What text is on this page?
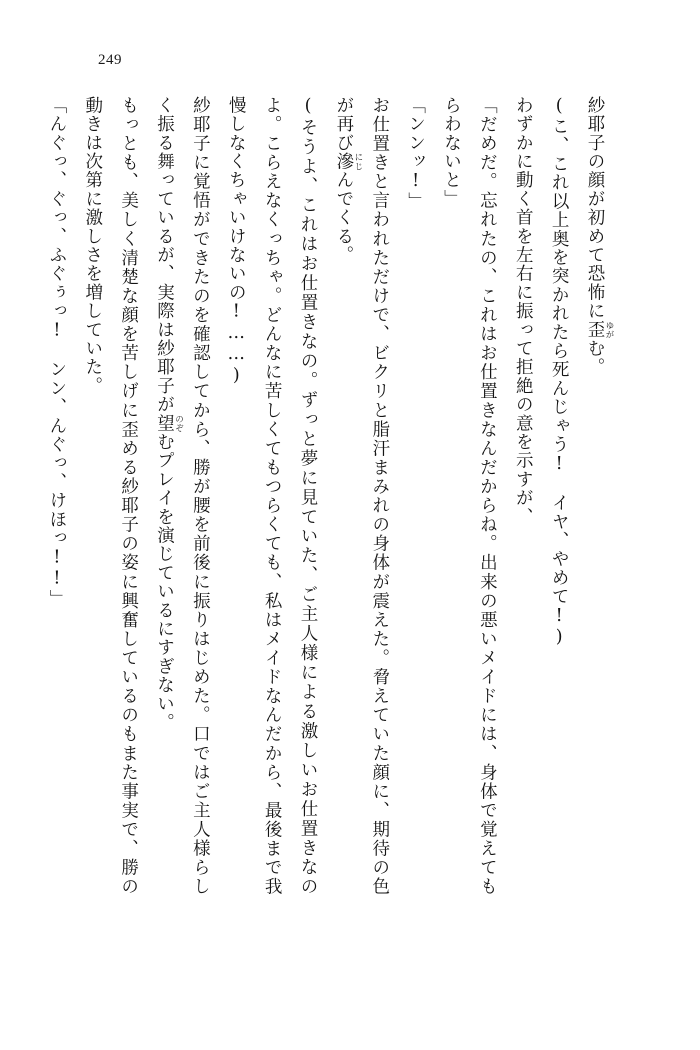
249

紗耶子の顔が初めて恐怖に歪 ゆがむ。

(こ、これ以上奥を突かれたら死んじゃう!　イヤ、やめて!)

わずかに動く首を左右に振って拒絶の意を示すが、

「だめだ。忘れたの、これはお仕置きなんだからね。出来の悪いメイドには、身体で覚えてもらわないと」

「ンンッ!」

お仕置きと言われただけで、ビクリと脂汗まみれの身体が震えた。脅えていた顔に、期待の色が再び滲 にじんでくる。

(そうよ、これはお仕置きなの。ずっと夢に見ていた、ご主人様による激しいお仕置きなのよ。こらえなくっちゃ。どんなに苦しくてもつらくても、私はメイドなんだから、最後まで我慢しなくちゃいけないの!……)

紗耶子に覚悟ができたのを確認してから、勝が腰を前後に振りはじめた。口ではご主人様らしく振る舞っているが、実際は紗耶子が望 のぞむプレイを演じているにすぎない。

もっとも、美しく清楚な顔を苦しげに歪める紗耶子の姿に興奮しているのもまた事実で、勝の動きは次第に激しさを増していた。

「んぐっ、ぐっ、ふぐぅっ!　ンン、んぐっ、けほっ!!」
